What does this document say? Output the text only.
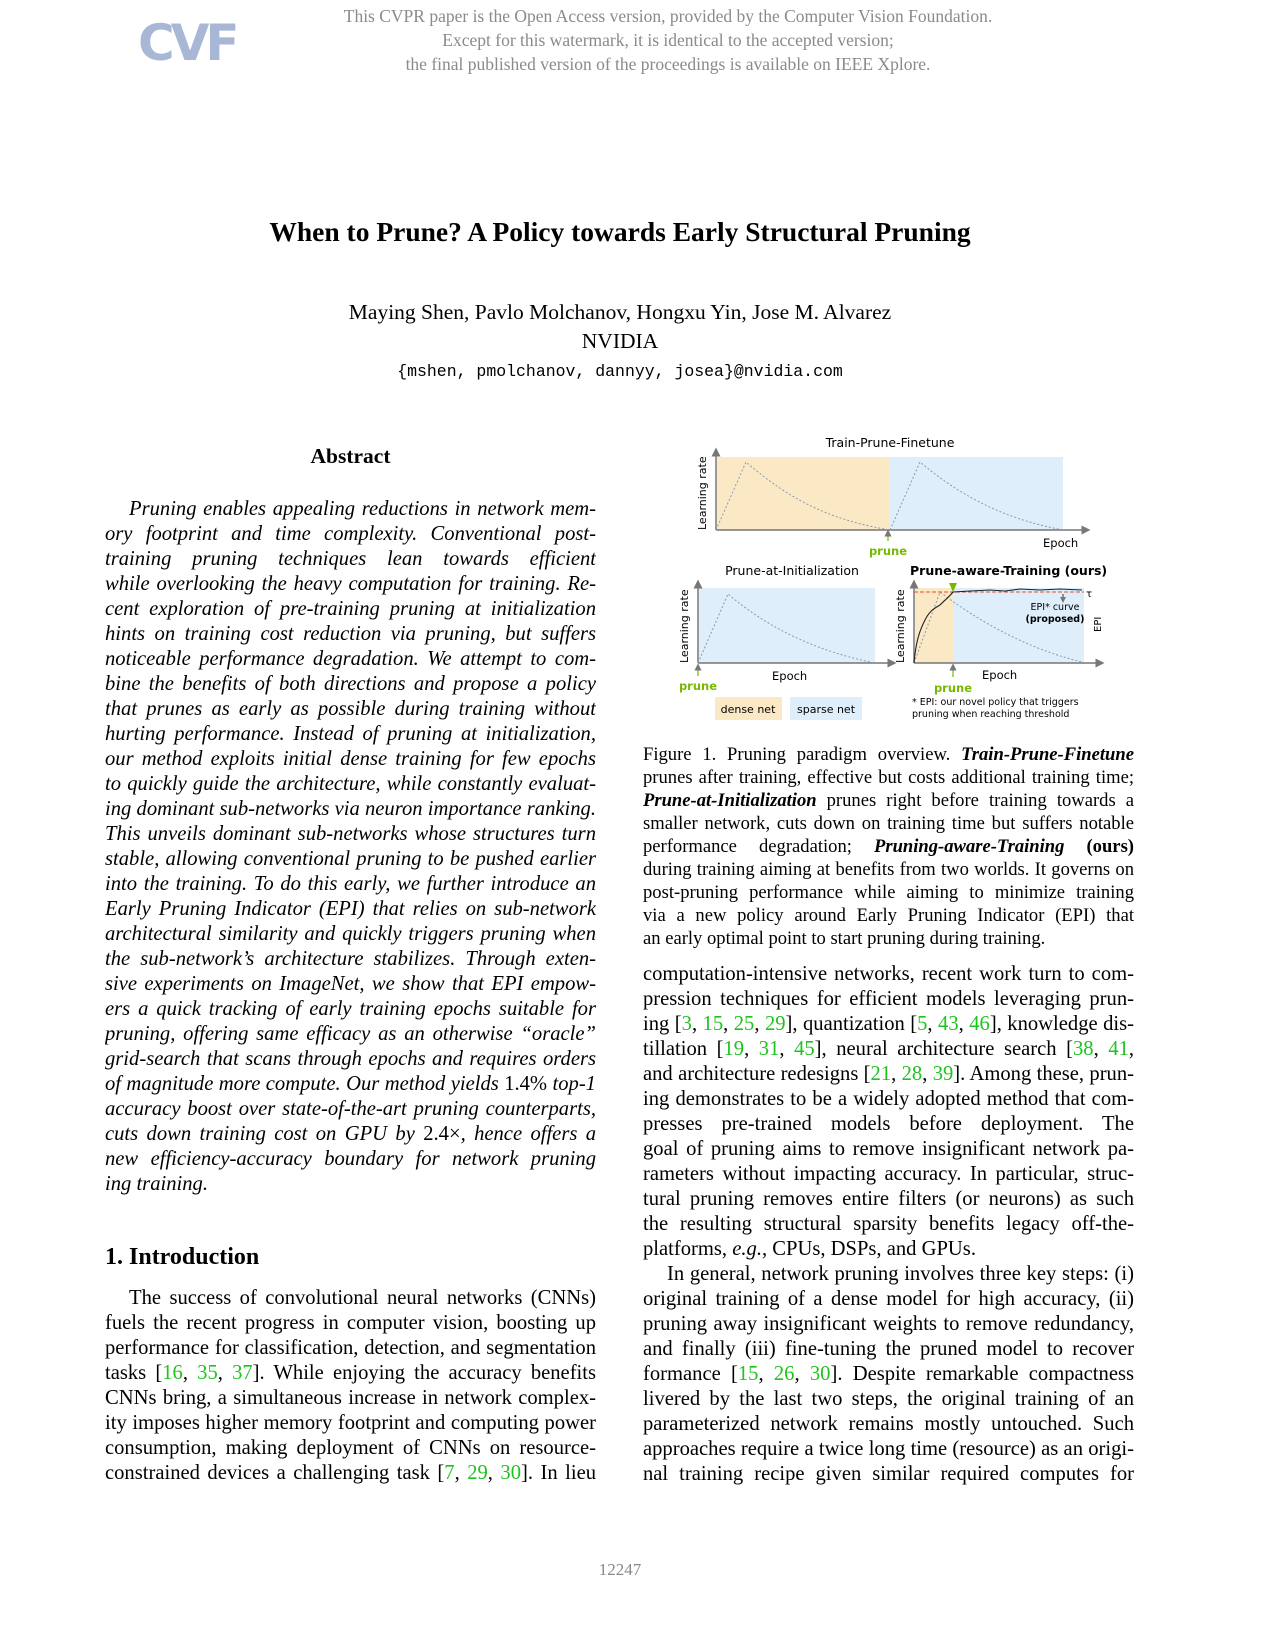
CVF	This CVPR paper is the Open Access version, provided by the Computer Vision Foundation.
Except for this watermark, it is identical to the accepted version;
the final published version of the proceedings is available on IEEE Xplore.
When to Prune? A Policy towards Early Structural Pruning
Maying Shen, Pavlo Molchanov, Hongxu Yin, Jose M. Alvarez
NVIDIA
{mshen, pmolchanov, dannyy, josea}@nvidia.com
Abstract
Pruning enables appealing reductions in network mem-
ory footprint and time complexity. Conventional post-
training pruning techniques lean towards efficient
while overlooking the heavy computation for training. Re-
cent exploration of pre-training pruning at initialization
hints on training cost reduction via pruning, but suffers
noticeable performance degradation. We attempt to com-
bine the benefits of both directions and propose a policy
that prunes as early as possible during training without
hurting performance. Instead of pruning at initialization,
our method exploits initial dense training for few epochs
to quickly guide the architecture, while constantly evaluat-
ing dominant sub-networks via neuron importance ranking.
This unveils dominant sub-networks whose structures turn
stable, allowing conventional pruning to be pushed earlier
into the training. To do this early, we further introduce an
Early Pruning Indicator (EPI) that relies on sub-network
architectural similarity and quickly triggers pruning when
the sub-network’s architecture stabilizes. Through exten-
sive experiments on ImageNet, we show that EPI empow-
ers a quick tracking of early training epochs suitable for
pruning, offering same efficacy as an otherwise “oracle”
grid-search that scans through epochs and requires orders
of magnitude more compute. Our method yields 1.4% top-1
accuracy boost over state-of-the-art pruning counterparts,
cuts down training cost on GPU by 2.4×, hence offers a
new efficiency-accuracy boundary for network pruning
ing training.
1. Introduction
The success of convolutional neural networks (CNNs)
fuels the recent progress in computer vision, boosting up
performance for classification, detection, and segmentation
tasks [16, 35, 37]. While enjoying the accuracy benefits
CNNs bring, a simultaneous increase in network complex-
ity imposes higher memory footprint and computing power
consumption, making deployment of CNNs on resource-
constrained devices a challenging task [7, 29, 30]. In lieu
Train-Prune-Finetune
Learning rate
Epoch
prune
Prune-at-Initialization
Learning rate
Epoch
prune
Prune-aware-Training (ours)
τ
EPI* curve
(proposed) EPI
Learning rate
Epoch
prune
dense net sparse net
* EPI: our novel policy that triggers
pruning when reaching threshold
Figure 1. Pruning paradigm overview. Train-Prune-Finetune
prunes after training, effective but costs additional training time;
Prune-at-Initialization prunes right before training towards a
smaller network, cuts down on training time but suffers notable
performance degradation; Pruning-aware-Training (ours)
during training aiming at benefits from two worlds. It governs on
post-pruning performance while aiming to minimize training
via a new policy around Early Pruning Indicator (EPI) that
an early optimal point to start pruning during training.
computation-intensive networks, recent work turn to com-
pression techniques for efficient models leveraging prun-
ing [3, 15, 25, 29], quantization [5, 43, 46], knowledge dis-
tillation [19, 31, 45], neural architecture search [38, 41,
and architecture redesigns [21, 28, 39]. Among these, prun-
ing demonstrates to be a widely adopted method that com-
presses pre-trained models before deployment. The
goal of pruning aims to remove insignificant network pa-
rameters without impacting accuracy. In particular, struc-
tural pruning removes entire filters (or neurons) as such
the resulting structural sparsity benefits legacy off-the-
platforms, e.g., CPUs, DSPs, and GPUs.
In general, network pruning involves three key steps: (i)
original training of a dense model for high accuracy, (ii)
pruning away insignificant weights to remove redundancy,
and finally (iii) fine-tuning the pruned model to recover
formance [15, 26, 30]. Despite remarkable compactness
livered by the last two steps, the original training of an
parameterized network remains mostly untouched. Such
approaches require a twice long time (resource) as an origi-
nal training recipe given similar required computes for
12247
